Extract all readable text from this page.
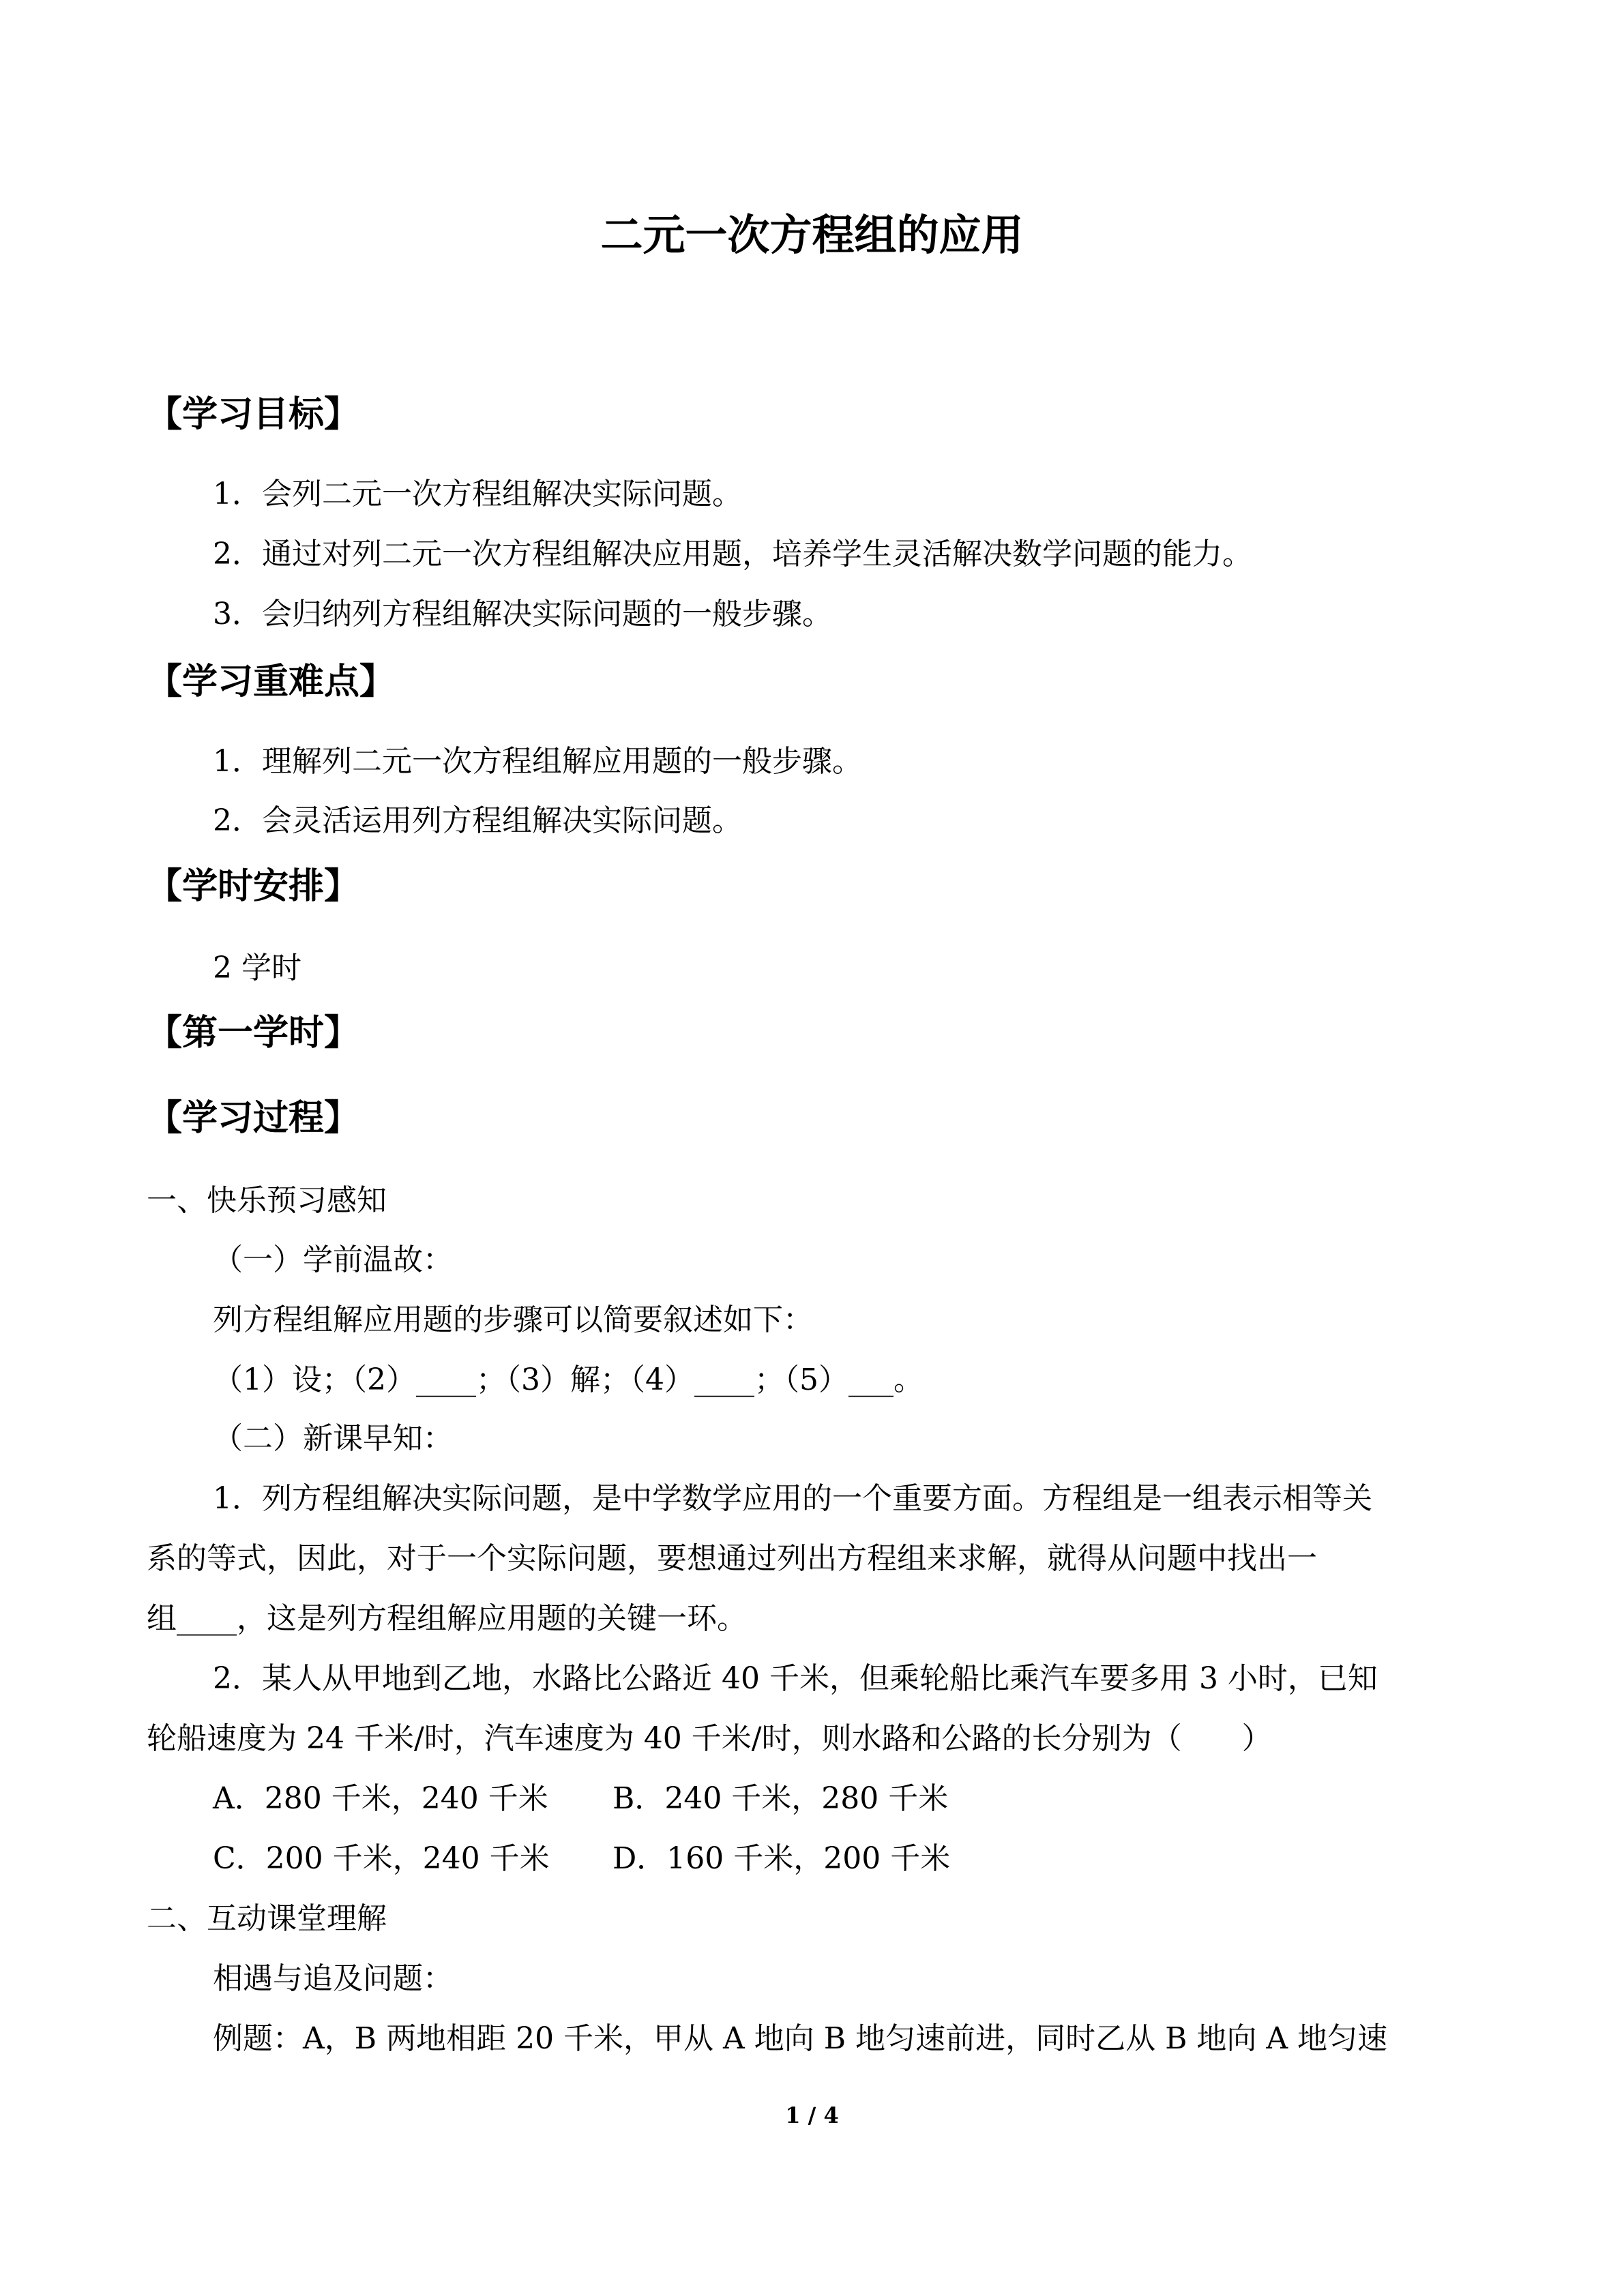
二元一次方程组的应用
【学习目标】
1．会列二元一次方程组解决实际问题。
2．通过对列二元一次方程组解决应用题，培养学生灵活解决数学问题的能力。
3．会归纳列方程组解决实际问题的一般步骤。
【学习重难点】
1．理解列二元一次方程组解应用题的一般步骤。
2．会灵活运用列方程组解决实际问题。
【学时安排】
2 学时
【第一学时】
【学习过程】
一、快乐预习感知
（一）学前温故：
列方程组解应用题的步骤可以简要叙述如下：
（1）设；（2）____；（3）解；（4）____；（5）___。
（二）新课早知：
1．列方程组解决实际问题，是中学数学应用的一个重要方面。方程组是一组表示相等关
系的等式，因此，对于一个实际问题，要想通过列出方程组来求解，就得从问题中找出一
组____，这是列方程组解应用题的关键一环。
2．某人从甲地到乙地，水路比公路近 40 千米，但乘轮船比乘汽车要多用 3 小时，已知
轮船速度为 24 千米/时，汽车速度为 40 千米/时，则水路和公路的长分别为（　　）
A．280 千米，240 千米 B．240 千米，280 千米
C．200 千米，240 千米 D．160 千米，200 千米
二、互动课堂理解
相遇与追及问题：
例题：A，B 两地相距 20 千米，甲从 A 地向 B 地匀速前进，同时乙从 B 地向 A 地匀速
1 / 4
